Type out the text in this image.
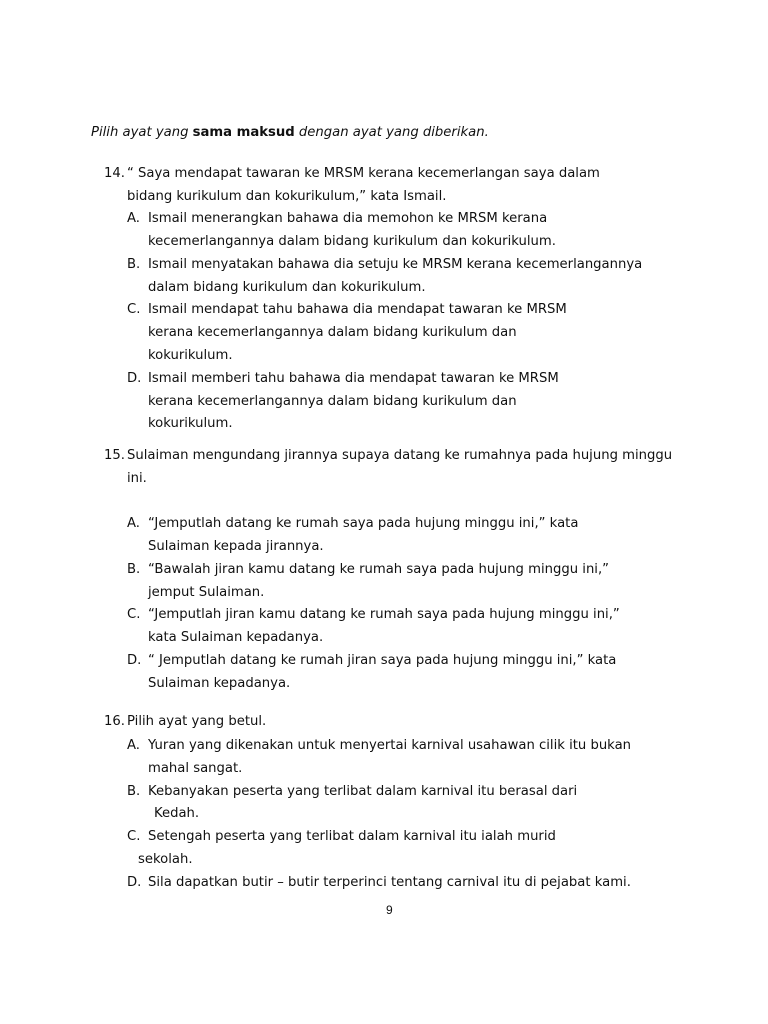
Pilih ayat yang sama maksud dengan ayat yang diberikan.
14. “ Saya mendapat tawaran ke MRSM kerana kecemerlangan saya dalam
bidang kurikulum dan kokurikulum,” kata Ismail.
A. Ismail menerangkan bahawa dia memohon ke MRSM kerana
kecemerlangannya dalam bidang kurikulum dan kokurikulum.
B. Ismail menyatakan bahawa dia setuju ke MRSM kerana kecemerlangannya
dalam bidang kurikulum dan kokurikulum.
C. Ismail mendapat tahu bahawa dia mendapat tawaran ke MRSM
kerana kecemerlangannya dalam bidang kurikulum dan
kokurikulum.
D. Ismail memberi tahu bahawa dia mendapat tawaran ke MRSM
kerana kecemerlangannya dalam bidang kurikulum dan
kokurikulum.
15. Sulaiman mengundang jirannya supaya datang ke rumahnya pada hujung minggu
ini.
A. “Jemputlah datang ke rumah saya pada hujung minggu ini,” kata
Sulaiman kepada jirannya.
B. “Bawalah jiran kamu datang ke rumah saya pada hujung minggu ini,”
jemput Sulaiman.
C. “Jemputlah jiran kamu datang ke rumah saya pada hujung minggu ini,”
kata Sulaiman kepadanya.
D. “ Jemputlah datang ke rumah jiran saya pada hujung minggu ini,” kata
Sulaiman kepadanya.
16. Pilih ayat yang betul.
A. Yuran yang dikenakan untuk menyertai karnival usahawan cilik itu bukan
mahal sangat.
B. Kebanyakan peserta yang terlibat dalam karnival itu berasal dari
Kedah.
C. Setengah peserta yang terlibat dalam karnival itu ialah murid
sekolah.
D. Sila dapatkan butir – butir terperinci tentang carnival itu di pejabat kami.
9
